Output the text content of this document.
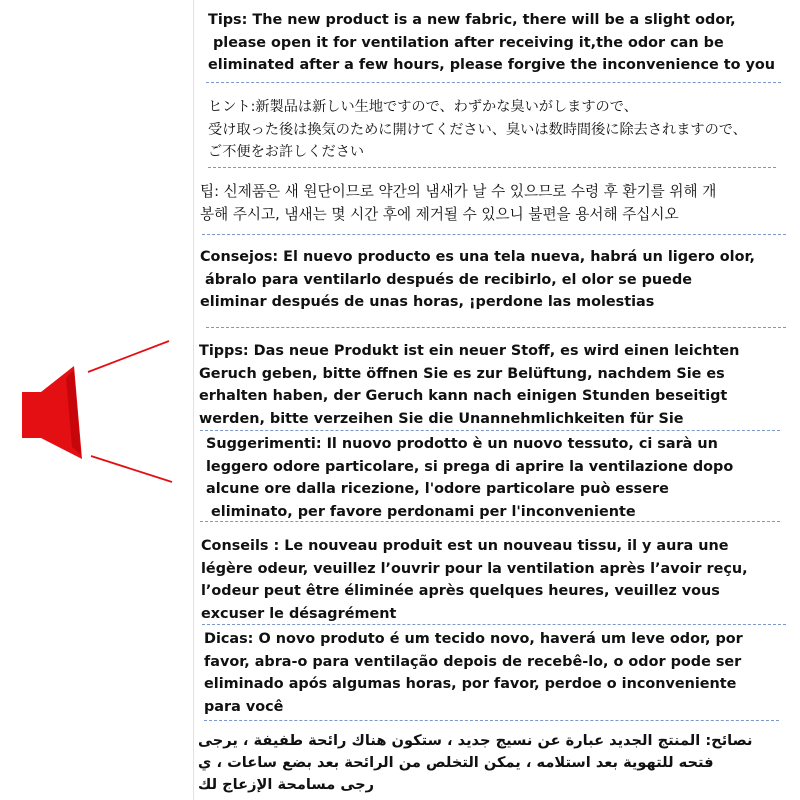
Tips: The new product is a new fabric, there will be a slight odor,
please open it for ventilation after receiving it,the odor can be
eliminated after a few hours, please forgive the inconvenience to you
ヒント:新製品は新しい生地ですので、わずかな臭いがしますので、
受け取った後は換気のために開けてください、臭いは数時間後に除去されますので、
ご不便をお許しください
팁: 신제품은 새 원단이므로 약간의 냄새가 날 수 있으므로 수령 후 환기를 위해 개
봉해 주시고, 냄새는 몇 시간 후에 제거될 수 있으니 불편을 용서해 주십시오
Consejos: El nuevo producto es una tela nueva, habrá un ligero olor,
ábralo para ventilarlo después de recibirlo, el olor se puede
eliminar después de unas horas, ¡perdone las molestias
Tipps: Das neue Produkt ist ein neuer Stoff, es wird einen leichten
Geruch geben, bitte öffnen Sie es zur Belüftung, nachdem Sie es
erhalten haben, der Geruch kann nach einigen Stunden beseitigt
werden, bitte verzeihen Sie die Unannehmlichkeiten für Sie
Suggerimenti: Il nuovo prodotto è un nuovo tessuto, ci sarà un
leggero odore particolare, si prega di aprire la ventilazione dopo
alcune ore dalla ricezione, l'odore particolare può essere
eliminato, per favore perdonami per l'inconveniente
Conseils : Le nouveau produit est un nouveau tissu, il y aura une
légère odeur, veuillez l’ouvrir pour la ventilation après l’avoir reçu,
l’odeur peut être éliminée après quelques heures, veuillez vous
excuser le désagrément
Dicas: O novo produto é um tecido novo, haverá um leve odor, por
favor, abra-o para ventilação depois de recebê-lo, o odor pode ser
eliminado após algumas horas, por favor, perdoe o inconveniente
para você
نصائح: المنتج الجديد عبارة عن نسيج جديد ، ستكون هناك رائحة طفيفة ، يرجى
فتحه للتهوية بعد استلامه ، يمكن التخلص من الرائحة بعد بضع ساعات ، ي
رجى مسامحة الإزعاج لك
